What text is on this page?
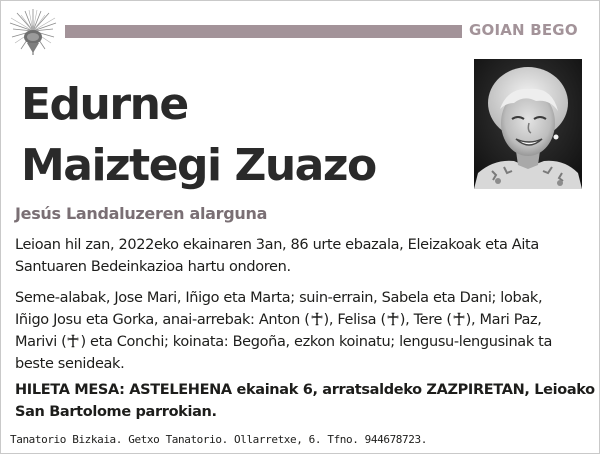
GOIAN BEGO
Edurne
Maiztegi Zuazo
Jesús Landaluzeren alarguna
Leioan hil zan, 2022eko ekainaren 3an, 86 urte ebazala, Eleizakoak eta Aita
Santuaren Bedeinkazioa hartu ondoren.
Seme-alabak, Jose Mari, Iñigo eta Marta; suin-errain, Sabela eta Dani; lobak,
Iñigo Josu eta Gorka, anai-arrebak: Anton ( ), Felisa ( ), Tere ( ), Mari Paz,
Marivi ( ) eta Conchi; koinata: Begoña, ezkon koinatu; lengusu-lengusinak ta
beste senideak.
HILETA MESA: ASTELEHENA ekainak 6, arratsaldeko ZAZPIRETAN, Leioako
San Bartolome parrokian.
Tanatorio Bizkaia. Getxo Tanatorio. Ollarretxe, 6. Tfno. 944678723.
